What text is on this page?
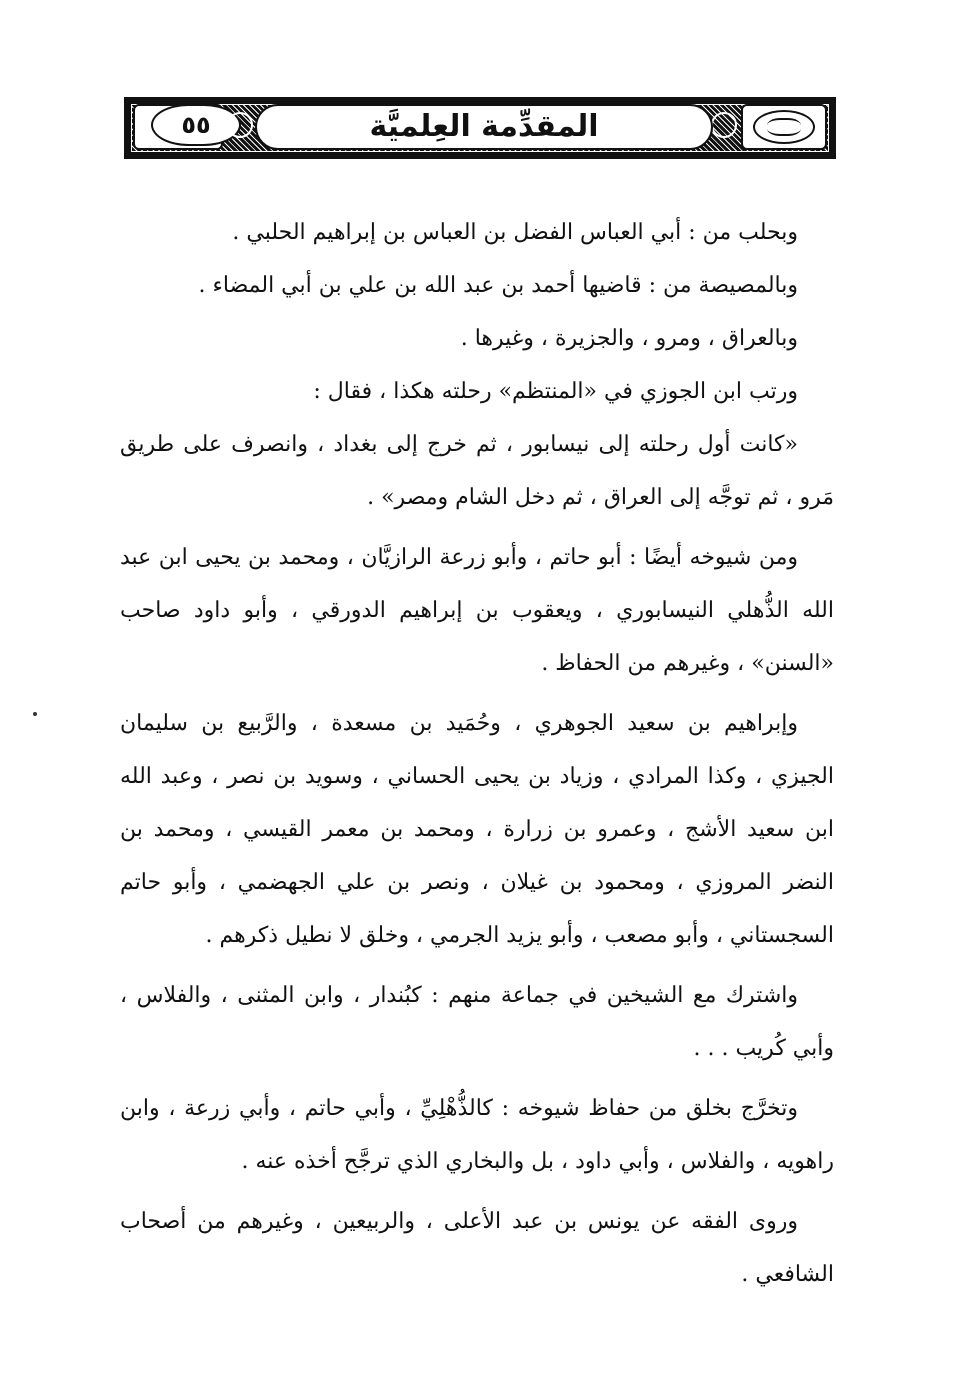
٥٥	المقدِّمة العِلميَّة

وبحلب من : أبي العباس الفضل بن العباس بن إبراهيم الحلبي .

وبالمصيصة من : قاضيها أحمد بن عبد الله بن علي بن أبي المضاء .

وبالعراق ، ومرو ، والجزيرة ، وغيرها .

ورتب ابن الجوزي في «المنتظم» رحلته هكذا ، فقال :

«كانت أول رحلته إلى نيسابور ، ثم خرج إلى بغداد ، وانصرف على طريق مَرو ، ثم توجَّه إلى العراق ، ثم دخل الشام ومصر» .

ومن شيوخه أيضًا : أبو حاتم ، وأبو زرعة الرازيَّان ، ومحمد بن يحيى ابن عبد الله الذُّهلي النيسابوري ، ويعقوب بن إبراهيم الدورقي ، وأبو داود صاحب «السنن» ، وغيرهم من الحفاظ .

وإبراهيم بن سعيد الجوهري ، وحُمَيد بن مسعدة ، والرَّبيع بن سليمان الجيزي ، وكذا المرادي ، وزياد بن يحيى الحساني ، وسويد بن نصر ، وعبد الله ابن سعيد الأشج ، وعمرو بن زرارة ، ومحمد بن معمر القيسي ، ومحمد بن النضر المروزي ، ومحمود بن غيلان ، ونصر بن علي الجهضمي ، وأبو حاتم السجستاني ، وأبو مصعب ، وأبو يزيد الجرمي ، وخلق لا نطيل ذكرهم .

واشترك مع الشيخين في جماعة منهم : كبُندار ، وابن المثنى ، والفلاس ، وأبي كُريب . . .

وتخرَّج بخلق من حفاظ شيوخه : كالذُّهْلِيِّ ، وأبي حاتم ، وأبي زرعة ، وابن راهويه ، والفلاس ، وأبي داود ، بل والبخاري الذي ترجَّح أخذه عنه .

وروى الفقه عن يونس بن عبد الأعلى ، والربيعين ، وغيرهم من أصحاب الشافعي .
